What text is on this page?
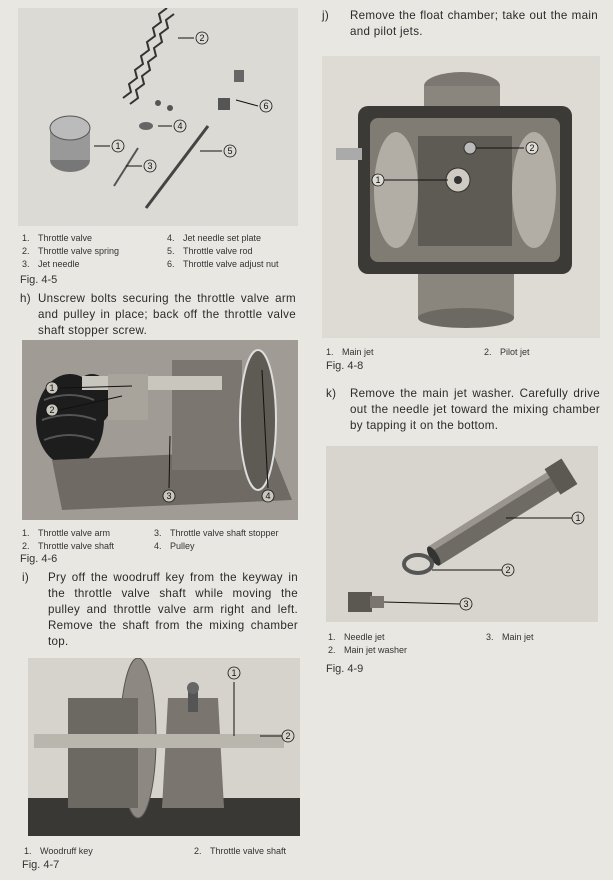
2
1
3
4
5
6
1. Throttle valve
2. Throttle valve spring
3. Jet needle
4. Jet needle set plate
5. Throttle valve rod
6. Throttle valve adjust nut
Fig. 4-5
h) Unscrew bolts securing the throttle valve arm and pulley in place; back off the throttle valve shaft stopper screw.
1
2
3	4
1. Throttle valve arm
2. Throttle valve shaft
3. Throttle valve shaft stopper
4. Pulley
Fig. 4-6
i) Pry off the woodruff key from the keyway in the throttle valve shaft while moving the pulley and throttle valve arm right and left. Remove the shaft from the mixing chamber top.
1
2
1. Woodruff key	2. Throttle valve shaft
Fig. 4-7
j) Remove the float chamber; take out the main and pilot jets.
1
2
1. Main jet	2. Pilot jet
Fig. 4-8
k) Remove the main jet washer. Carefully drive out the needle jet toward the mixing chamber by tapping it on the bottom.
1
2
3
1. Needle jet
2. Main jet washer
3. Main jet
Fig. 4-9
